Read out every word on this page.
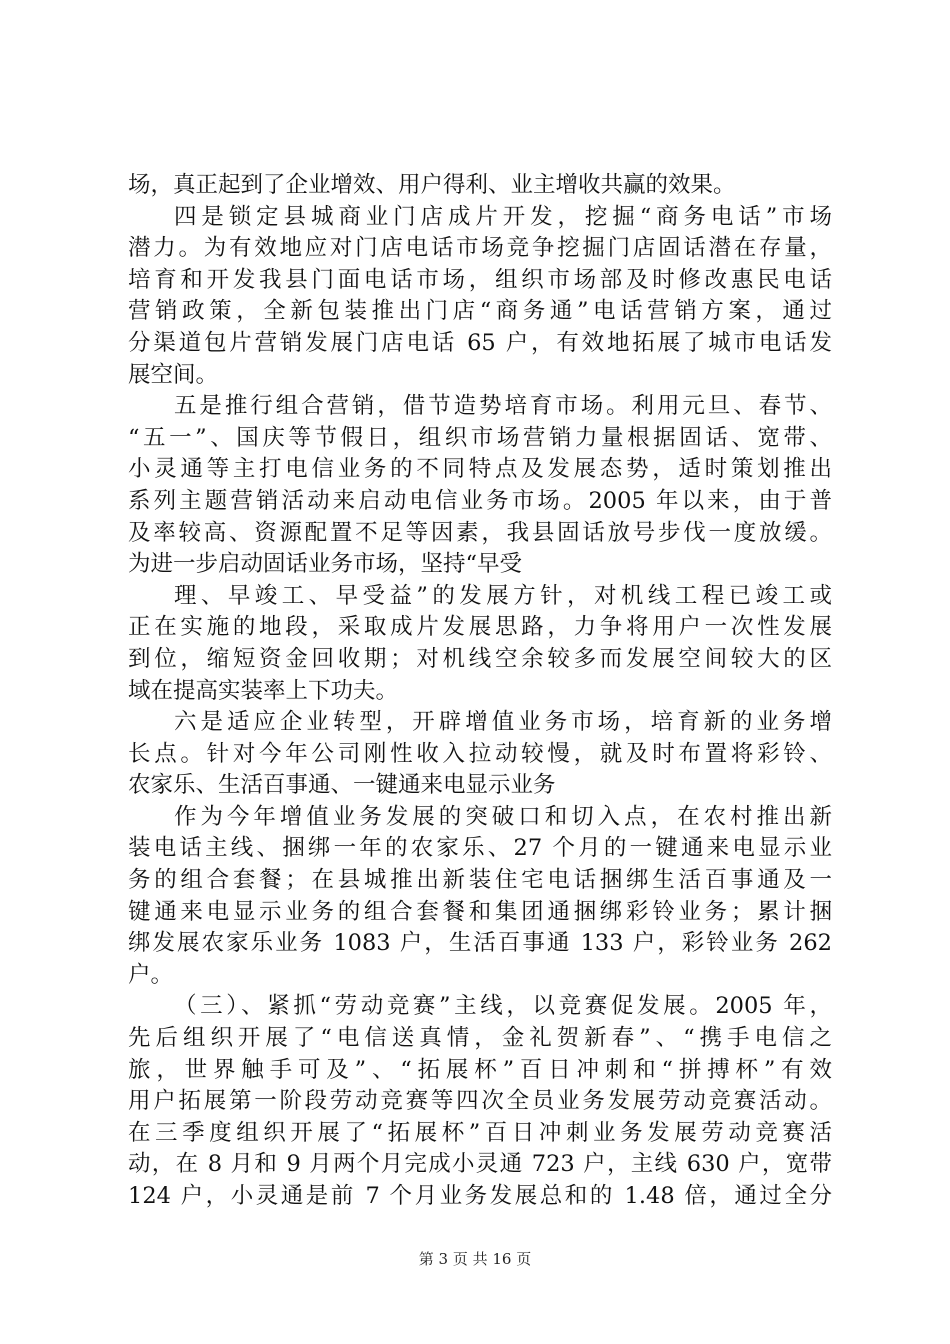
场，真正起到了企业增效、用户得利、业主增收共赢的效果。
四是锁定县城商业门店成片开发，挖掘“商务电话”市场
潜力。为有效地应对门店电话市场竞争挖掘门店固话潜在存量，
培育和开发我县门面电话市场，组织市场部及时修改惠民电话
营销政策，全新包装推出门店“商务通”电话营销方案，通过
分渠道包片营销发展门店电话 65 户，有效地拓展了城市电话发
展空间。
五是推行组合营销，借节造势培育市场。利用元旦、春节、
“五一”、国庆等节假日，组织市场营销力量根据固话、宽带、
小灵通等主打电信业务的不同特点及发展态势，适时策划推出
系列主题营销活动来启动电信业务市场。2005 年以来，由于普
及率较高、资源配置不足等因素，我县固话放号步伐一度放缓。
为进一步启动固话业务市场，坚持“早受
理、早竣工、早受益”的发展方针，对机线工程已竣工或
正在实施的地段，采取成片发展思路，力争将用户一次性发展
到位，缩短资金回收期；对机线空余较多而发展空间较大的区
域在提高实装率上下功夫。
六是适应企业转型，开辟增值业务市场，培育新的业务增
长点。针对今年公司刚性收入拉动较慢，就及时布置将彩铃、
农家乐、生活百事通、一键通来电显示业务
作为今年增值业务发展的突破口和切入点，在农村推出新
装电话主线、捆绑一年的农家乐、27 个月的一键通来电显示业
务的组合套餐；在县城推出新装住宅电话捆绑生活百事通及一
键通来电显示业务的组合套餐和集团通捆绑彩铃业务；累计捆
绑发展农家乐业务 1083 户，生活百事通 133 户，彩铃业务 262
户。
（三）、紧抓“劳动竞赛”主线，以竞赛促发展。2005 年，
先后组织开展了“电信送真情，金礼贺新春”、“携手电信之
旅，世界触手可及”、“拓展杯”百日冲刺和“拼搏杯”有效
用户拓展第一阶段劳动竞赛等四次全员业务发展劳动竞赛活动。
在三季度组织开展了“拓展杯”百日冲刺业务发展劳动竞赛活
动，在 8 月和 9 月两个月完成小灵通 723 户，主线 630 户，宽带
124 户，小灵通是前 7 个月业务发展总和的 1.48 倍，通过全分
第 3 页 共 16 页
